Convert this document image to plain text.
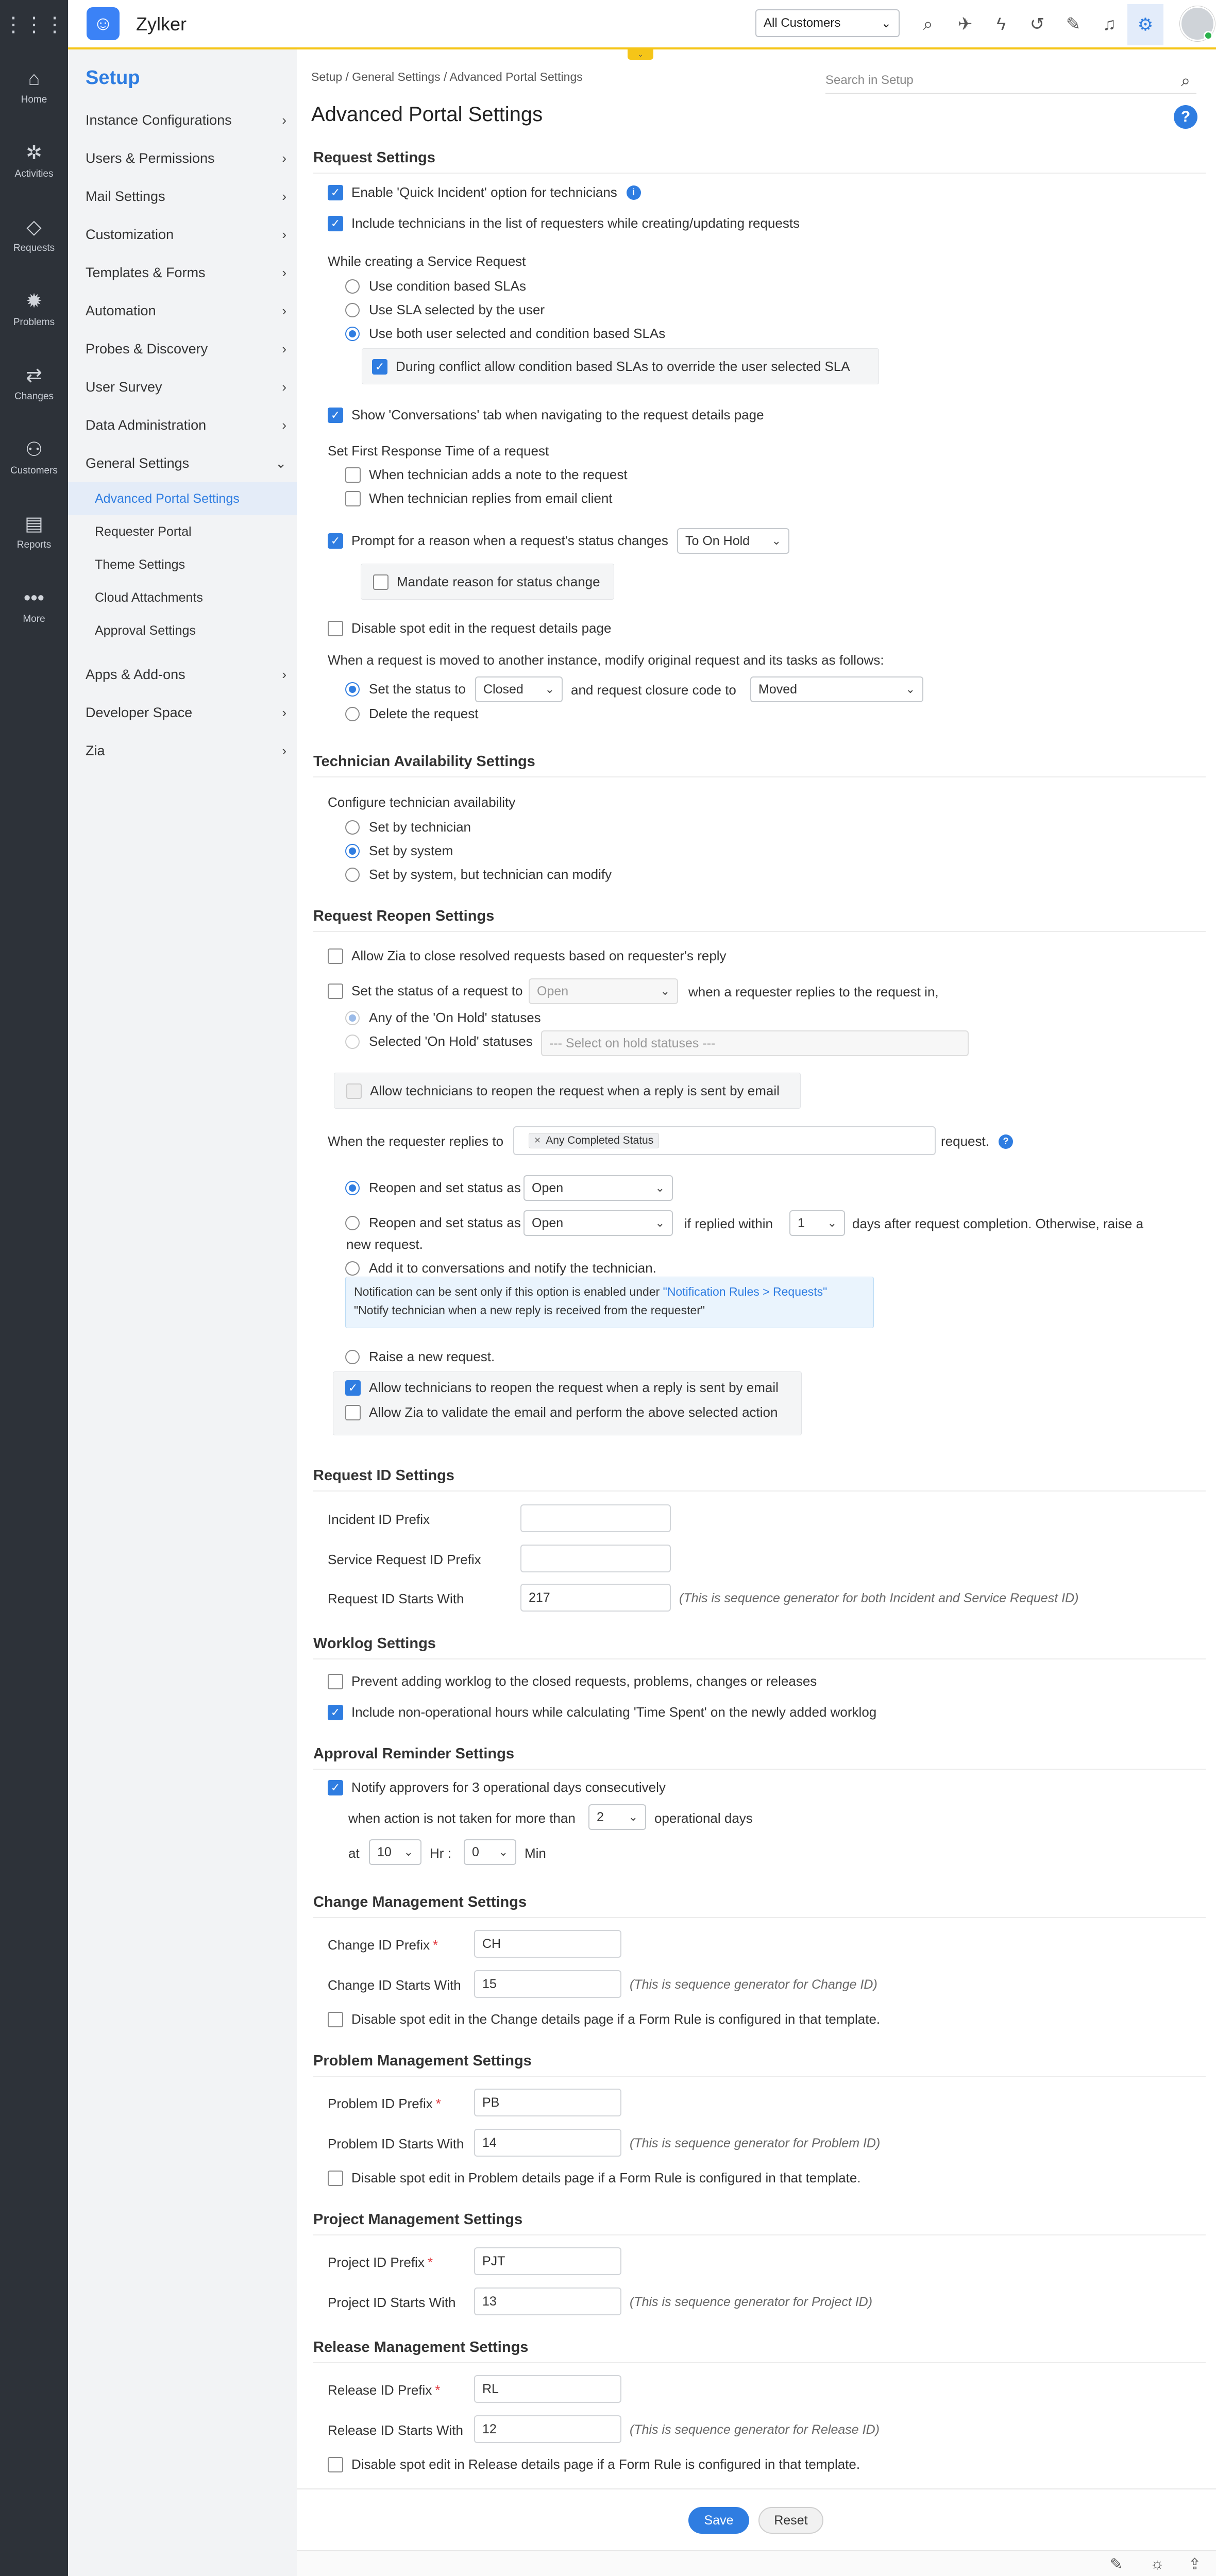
⋮⋮⋮
⌂
Home
✲
Activities
◇
Requests
✹
Problems
⇄
Changes
⚇
Customers
▤
Reports
•••
More
☺	Zylker	All Customers	⌄	⌕	✈	ϟ	↺	✎	♫	⚙
⌄
Setup
Instance Configurations	›
Users & Permissions	›
Mail Settings	›
Customization	›
Templates & Forms	›
Automation	›
Probes & Discovery	›
User Survey	›
Data Administration	›
General Settings	⌄
Advanced Portal Settings
Requester Portal
Theme Settings
Cloud Attachments
Approval Settings
Apps & Add-ons	›
Developer Space	›
Zia	›
Setup / General Settings / Advanced Portal Settings	Search in Setup	⌕
Advanced Portal Settings	?
Request Settings
✓ Enable 'Quick Incident' option for technicians	i
✓ Include technicians in the list of requesters while creating/updating requests
While creating a Service Request
Use condition based SLAs
Use SLA selected by the user
Use both user selected and condition based SLAs
✓ During conflict allow condition based SLAs to override the user selected SLA
✓ Show 'Conversations' tab when navigating to the request details page
Set First Response Time of a request
When technician adds a note to the request
When technician replies from email client
✓ Prompt for a reason when a request's status changes To On Hold ⌄
Mandate reason for status change
Disable spot edit in the request details page
When a request is moved to another instance, modify original request and its tasks as follows:
Set the status to Closed ⌄ and request closure code to Moved	⌄
Delete the request
Technician Availability Settings
Configure technician availability
Set by technician
Set by system
Set by system, but technician can modify
Request Reopen Settings
Allow Zia to close resolved requests based on requester's reply
Set the status of a request to Open	⌄ when a requester replies to the request in,
Any of the 'On Hold' statuses
Selected 'On Hold' statuses --- Select on hold statuses ---
Allow technicians to reopen the request when a reply is sent by email
When the requester replies to	× Any Completed Status	request.	?
Reopen and set status as Open	⌄
Reopen and set status as Open	⌄ if replied within 1 ⌄ days after request completion. Otherwise, raise a
new request.
Add it to conversations and notify the technician.
Notification can be sent only if this option is enabled under "Notification Rules > Requests"
"Notify technician when a new reply is received from the requester"
Raise a new request.
✓ Allow technicians to reopen the request when a reply is sent by email
Allow Zia to validate the email and perform the above selected action
Request ID Settings
Incident ID Prefix
Service Request ID Prefix
Request ID Starts With	217	(This is sequence generator for both Incident and Service Request ID)
Worklog Settings
Prevent adding worklog to the closed requests, problems, changes or releases
✓ Include non-operational hours while calculating 'Time Spent' on the newly added worklog
Approval Reminder Settings
✓ Notify approvers for 3 operational days consecutively
when action is not taken for more than 2 ⌄ operational days
at 10 ⌄ Hr : 0 ⌄ Min
Change Management Settings
Change ID Prefix *	CH
Change ID Starts With	15	(This is sequence generator for Change ID)
Disable spot edit in the Change details page if a Form Rule is configured in that template.
Problem Management Settings
Problem ID Prefix *	PB
Problem ID Starts With	14	(This is sequence generator for Problem ID)
Disable spot edit in Problem details page if a Form Rule is configured in that template.
Project Management Settings
Project ID Prefix *	PJT
Project ID Starts With	13	(This is sequence generator for Project ID)
Release Management Settings
Release ID Prefix *	RL
Release ID Starts With	12	(This is sequence generator for Release ID)
Disable spot edit in Release details page if a Form Rule is configured in that template.
Save	Reset
✎ ☼ ⇪
